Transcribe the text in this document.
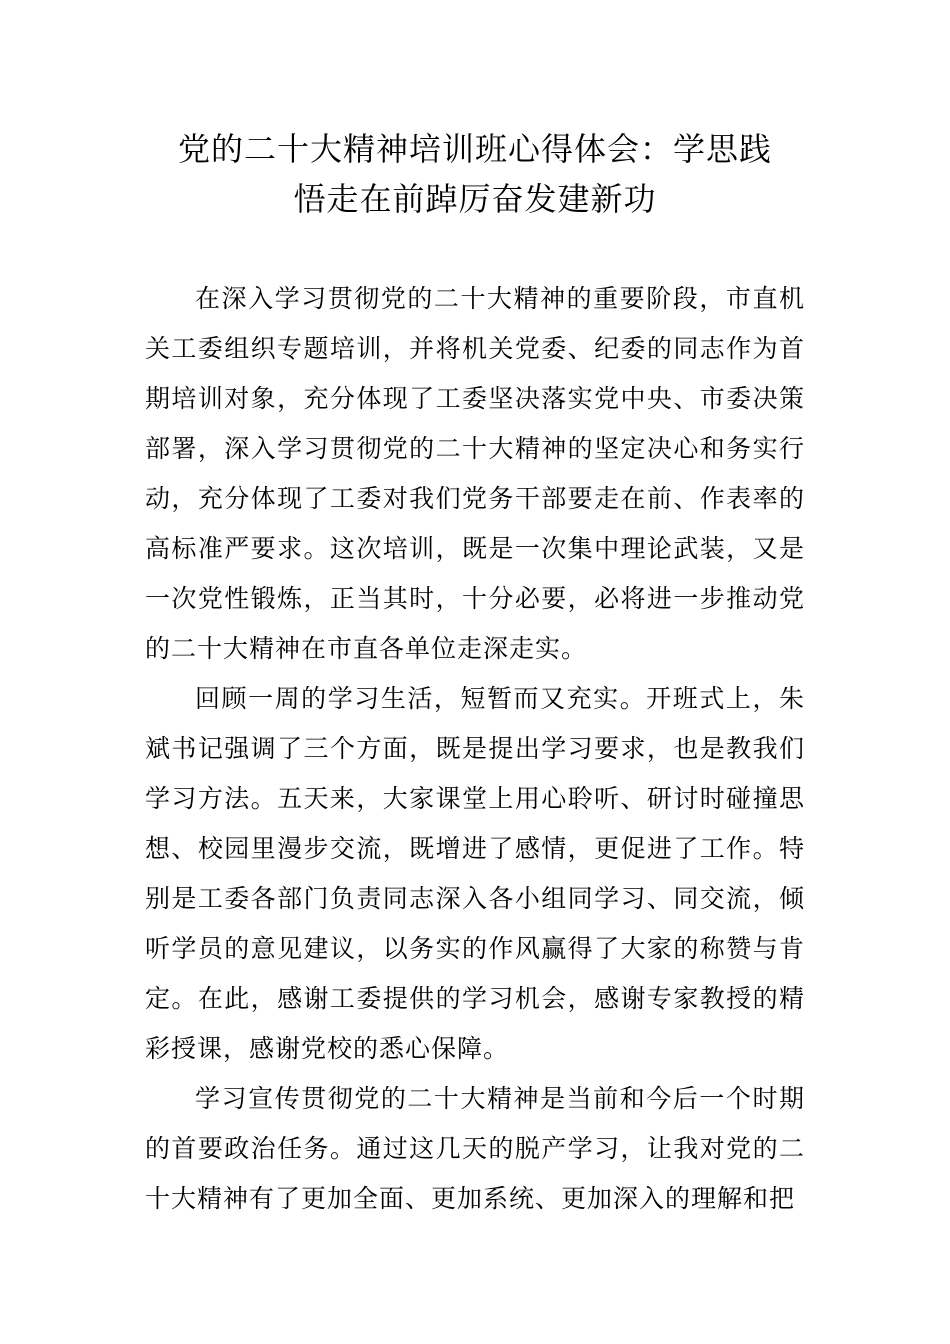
党的二十大精神培训班心得体会：学思践
悟走在前踔厉奋发建新功

在深入学习贯彻党的二十大精神的重要阶段，市直机关工委组织专题培训，并将机关党委、纪委的同志作为首期培训对象，充分体现了工委坚决落实党中央、市委决策部署，深入学习贯彻党的二十大精神的坚定决心和务实行动，充分体现了工委对我们党务干部要走在前、作表率的高标准严要求。这次培训，既是一次集中理论武装，又是一次党性锻炼，正当其时，十分必要，必将进一步推动党的二十大精神在市直各单位走深走实。

回顾一周的学习生活，短暂而又充实。开班式上，朱斌书记强调了三个方面，既是提出学习要求，也是教我们学习方法。五天来，大家课堂上用心聆听、研讨时碰撞思想、校园里漫步交流，既增进了感情，更促进了工作。特别是工委各部门负责同志深入各小组同学习、同交流，倾听学员的意见建议，以务实的作风赢得了大家的称赞与肯定。在此，感谢工委提供的学习机会，感谢专家教授的精彩授课，感谢党校的悉心保障。

学习宣传贯彻党的二十大精神是当前和今后一个时期的首要政治任务。通过这几天的脱产学习，让我对党的二十大精神有了更加全面、更加系统、更加深入的理解和把
